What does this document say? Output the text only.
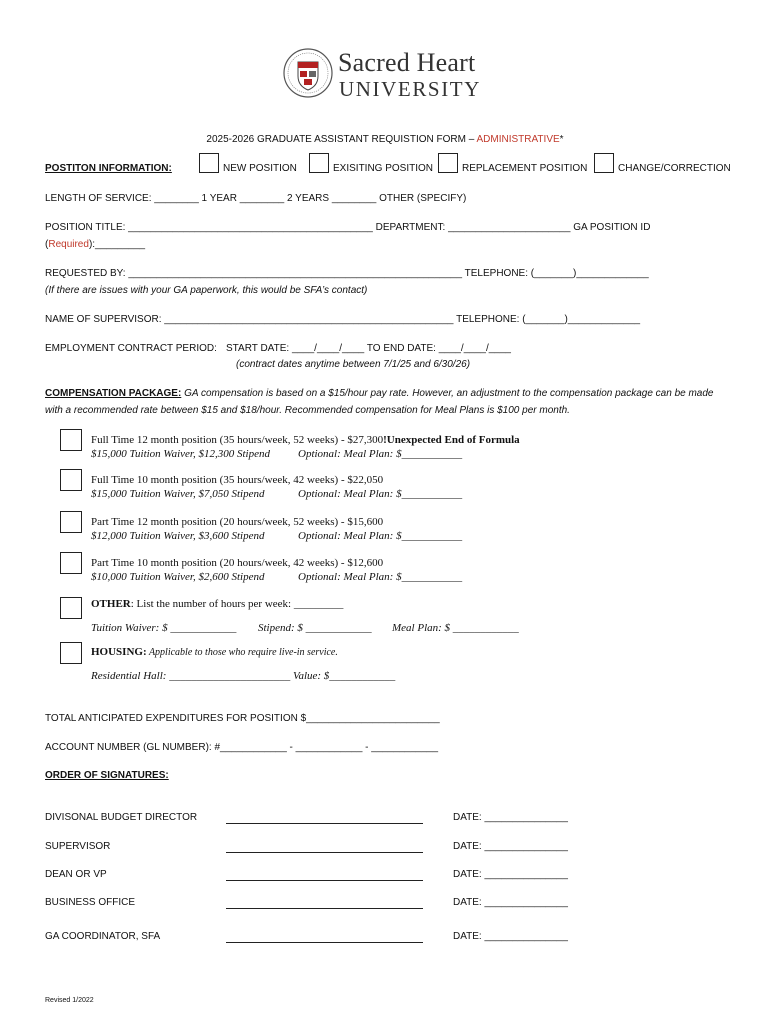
Sacred Heart
UNIVERSITY
2025-2026 GRADUATE ASSISTANT REQUISTION FORM – ADMINISTRATIVE*
POSTITON INFORMATION:	NEW POSITION	EXISITING POSITION	REPLACEMENT POSITION	CHANGE/CORRECTION
LENGTH OF SERVICE: ________ 1 YEAR ________ 2 YEARS ________ OTHER (SPECIFY)
POSITION TITLE: ____________________________________________ DEPARTMENT: ______________________ GA POSITION ID
(Required):_________
REQUESTED BY: ____________________________________________________________ TELEPHONE: (_______)_____________
(If there are issues with your GA paperwork, this would be SFA’s contact)
NAME OF SUPERVISOR: ____________________________________________________ TELEPHONE: (_______)_____________
EMPLOYMENT CONTRACT PERIOD: START DATE: ____/____/____ TO END DATE: ____/____/____
(contract dates anytime between 7/1/25 and 6/30/26)
COMPENSATION PACKAGE: GA compensation is based on a $15/hour pay rate. However, an adjustment to the compensation package can be made
with a recommended rate between $15 and $18/hour. Recommended compensation for Meal Plans is $100 per month.
Full Time 12 month position (35 hours/week, 52 weeks) - $27,300!Unexpected End of Formula
$15,000 Tuition Waiver, $12,300 Stipend	Optional: Meal Plan: $___________
Full Time 10 month position (35 hours/week, 42 weeks) - $22,050
$15,000 Tuition Waiver, $7,050 Stipend	Optional: Meal Plan: $___________
Part Time 12 month position (20 hours/week, 52 weeks) - $15,600
$12,000 Tuition Waiver, $3,600 Stipend	Optional: Meal Plan: $___________
Part Time 10 month position (20 hours/week, 42 weeks) - $12,600
$10,000 Tuition Waiver, $2,600 Stipend	Optional: Meal Plan: $___________
OTHER: List the number of hours per week: _________
Tuition Waiver: $ ____________ Stipend: $ ____________ Meal Plan: $ ____________
HOUSING: Applicable to those who require live-in service.
Residential Hall: ______________________ Value: $____________
TOTAL ANTICIPATED EXPENDITURES FOR POSITION $________________________
ACCOUNT NUMBER (GL NUMBER): #____________ - ____________ - ____________
ORDER OF SIGNATURES:
DIVISONAL BUDGET DIRECTOR	DATE: _______________
SUPERVISOR	DATE: _______________
DEAN OR VP	DATE: _______________
BUSINESS OFFICE	DATE: _______________
GA COORDINATOR, SFA	DATE: _______________
Revised 1/2022
